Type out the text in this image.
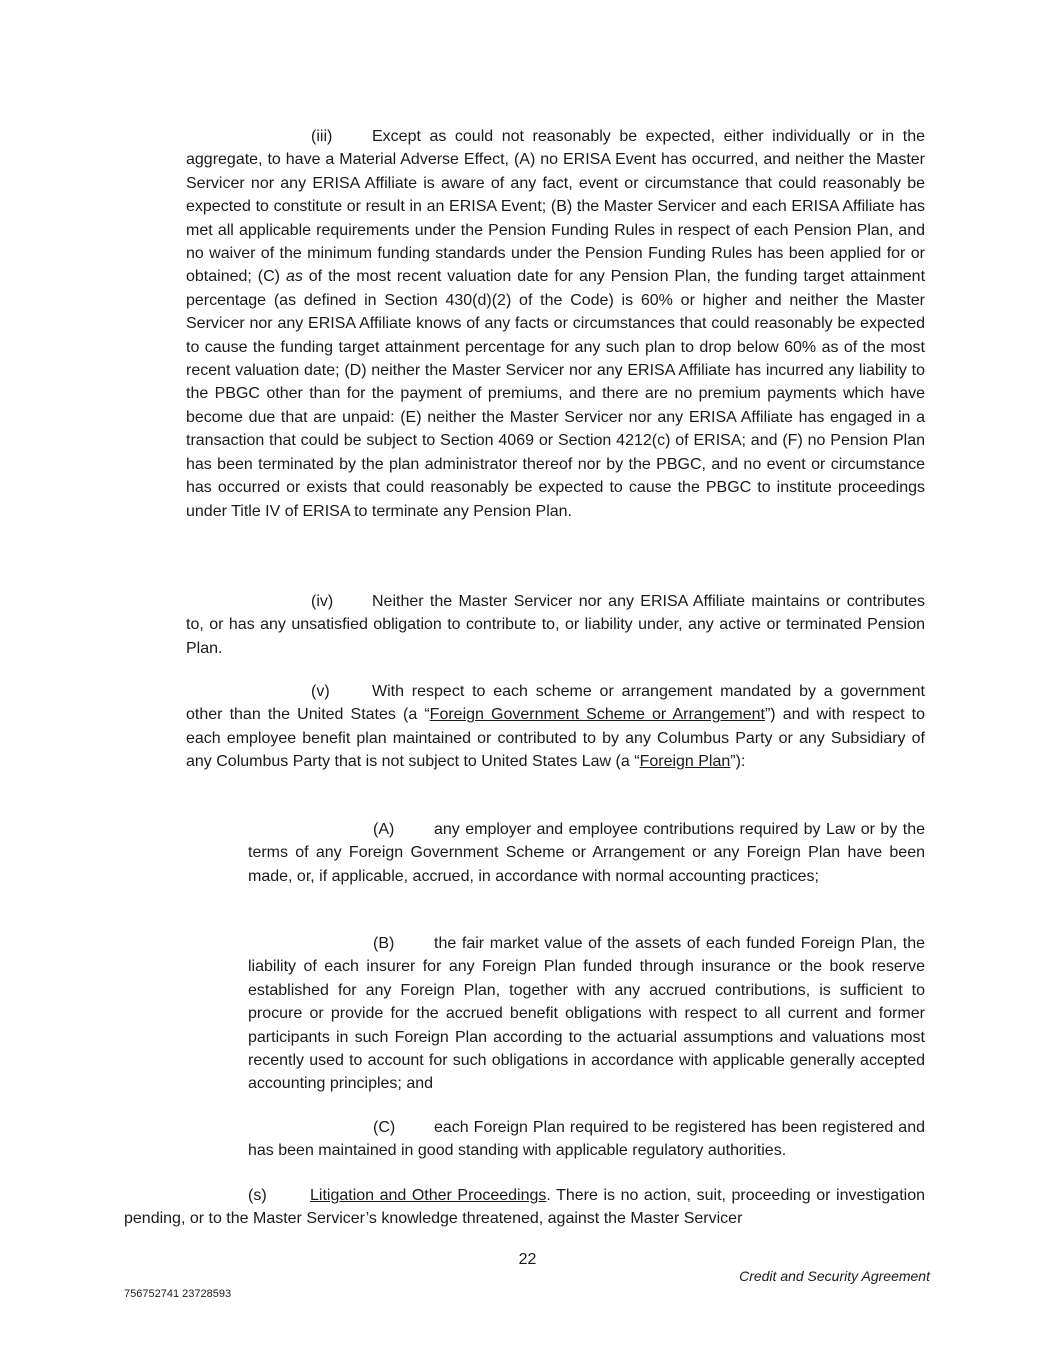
(iii) Except as could not reasonably be expected, either individually or in the aggregate, to have a Material Adverse Effect, (A) no ERISA Event has occurred, and neither the Master Servicer nor any ERISA Affiliate is aware of any fact, event or circumstance that could reasonably be expected to constitute or result in an ERISA Event; (B) the Master Servicer and each ERISA Affiliate has met all applicable requirements under the Pension Funding Rules in respect of each Pension Plan, and no waiver of the minimum funding standards under the Pension Funding Rules has been applied for or obtained; (C) as of the most recent valuation date for any Pension Plan, the funding target attainment percentage (as defined in Section 430(d)(2) of the Code) is 60% or higher and neither the Master Servicer nor any ERISA Affiliate knows of any facts or circumstances that could reasonably be expected to cause the funding target attainment percentage for any such plan to drop below 60% as of the most recent valuation date; (D) neither the Master Servicer nor any ERISA Affiliate has incurred any liability to the PBGC other than for the payment of premiums, and there are no premium payments which have become due that are unpaid: (E) neither the Master Servicer nor any ERISA Affiliate has engaged in a transaction that could be subject to Section 4069 or Section 4212(c) of ERISA; and (F) no Pension Plan has been terminated by the plan administrator thereof nor by the PBGC, and no event or circumstance has occurred or exists that could reasonably be expected to cause the PBGC to institute proceedings under Title IV of ERISA to terminate any Pension Plan.

(iv) Neither the Master Servicer nor any ERISA Affiliate maintains or contributes to, or has any unsatisfied obligation to contribute to, or liability under, any active or terminated Pension Plan.

(v)	With respect to each scheme or arrangement mandated by a government other than the United States (a “Foreign Government Scheme or Arrangement”) and with respect to each employee benefit plan maintained or contributed to by any Columbus Party or any Subsidiary of any Columbus Party that is not subject to United States Law (a “Foreign Plan”):

(A) any employer and employee contributions required by Law or by the terms of any Foreign Government Scheme or Arrangement or any Foreign Plan have been made, or, if applicable, accrued, in accordance with normal accounting practices;

(B) the fair market value of the assets of each funded Foreign Plan, the liability of each insurer for any Foreign Plan funded through insurance or the book reserve established for any Foreign Plan, together with any accrued contributions, is sufficient to procure or provide for the accrued benefit obligations with respect to all current and former participants in such Foreign Plan according to the actuarial assumptions and valuations most recently used to account for such obligations in accordance with applicable generally accepted accounting principles; and

(C) each Foreign Plan required to be registered has been registered and has been maintained in good standing with applicable regulatory authorities.

(s)	Litigation and Other Proceedings. There is no action, suit, proceeding or investigation pending, or to the Master Servicer’s knowledge threatened, against the Master Servicer

22
Credit and Security Agreement
756752741 23728593
